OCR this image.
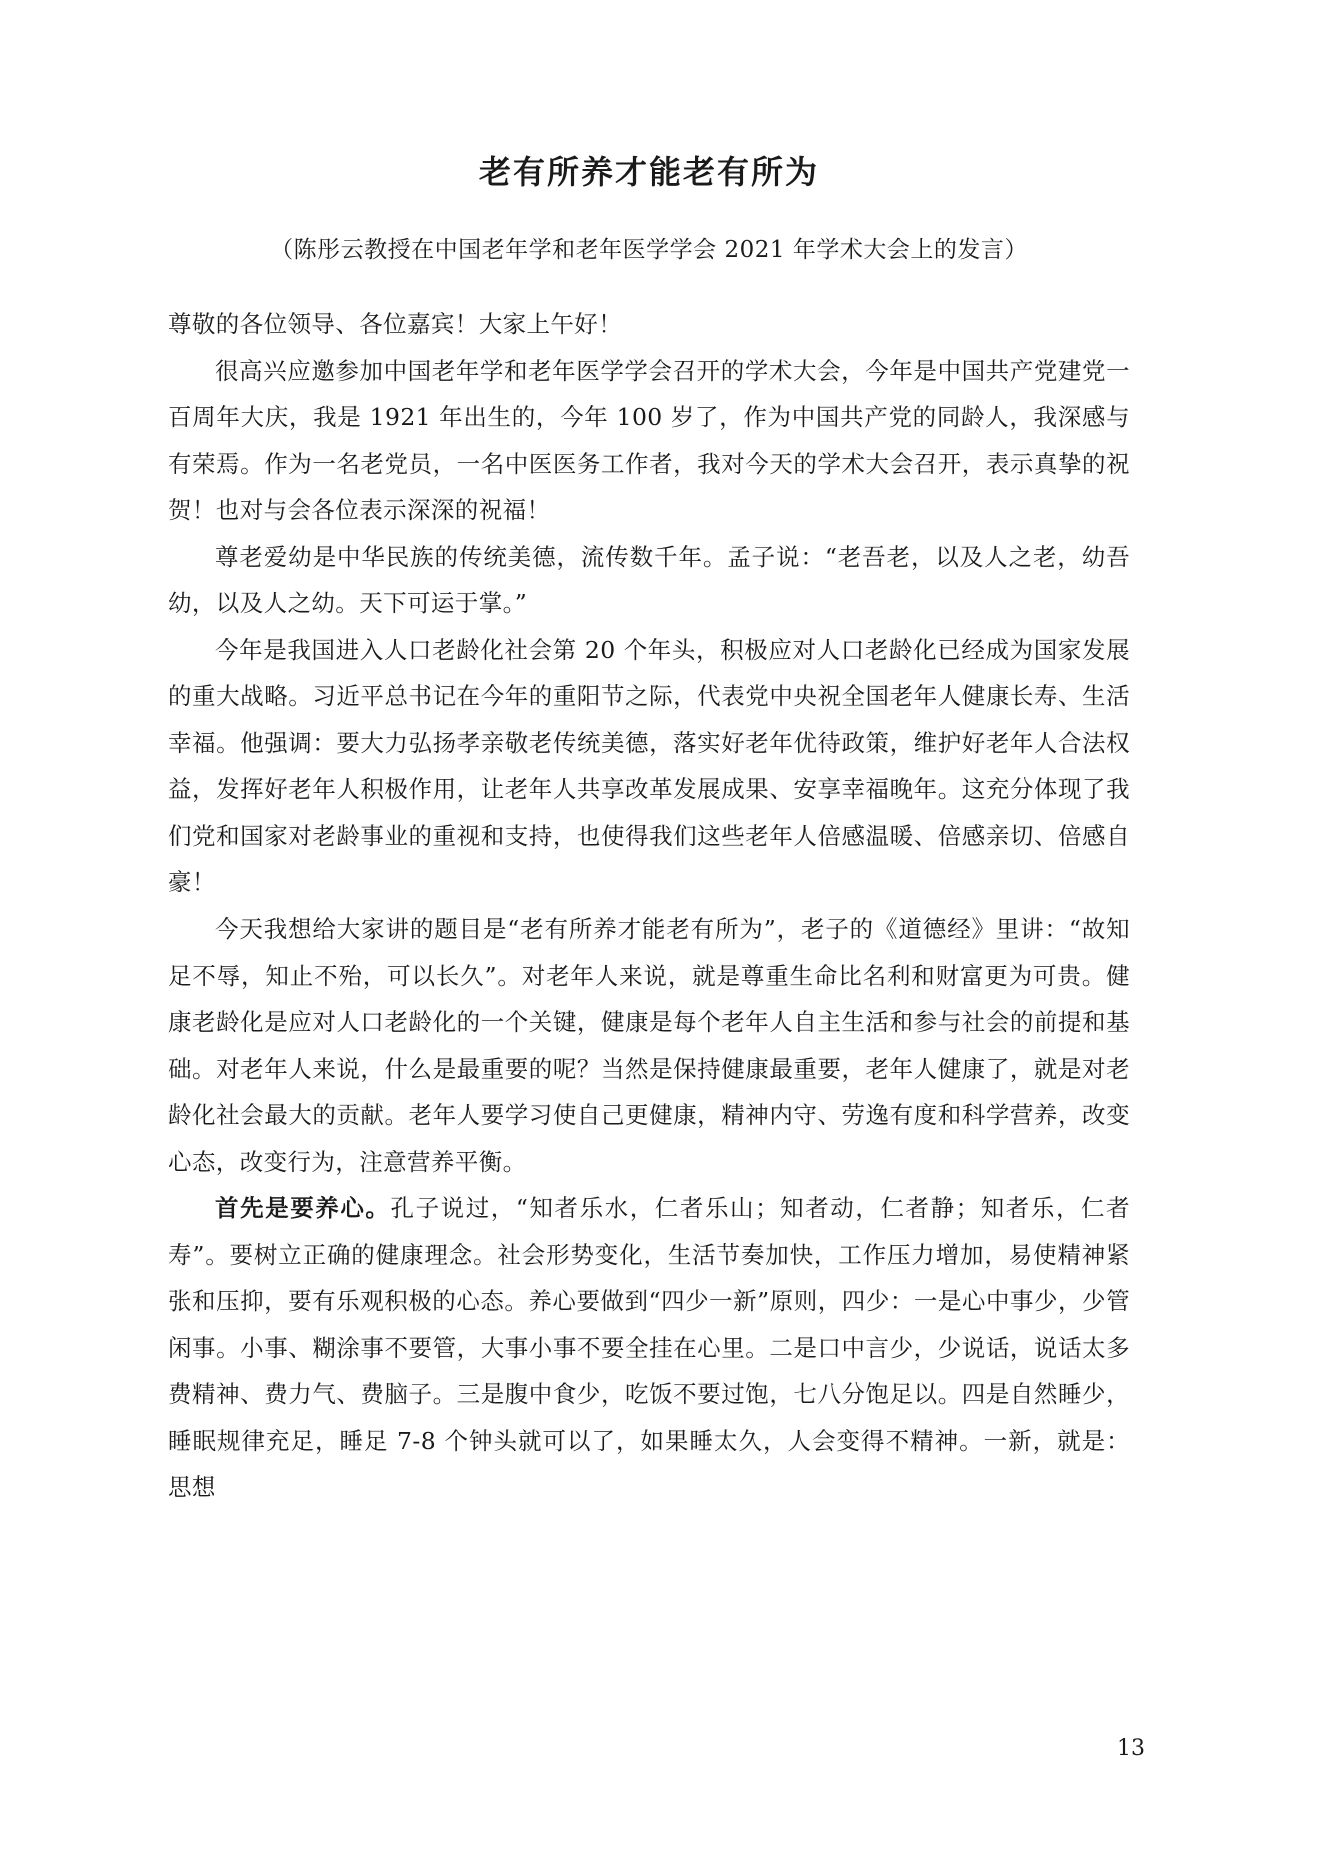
老有所养才能老有所为
（陈彤云教授在中国老年学和老年医学学会 2021 年学术大会上的发言）
尊敬的各位领导、各位嘉宾！大家上午好！

很高兴应邀参加中国老年学和老年医学学会召开的学术大会，今年是中国共产党建党一百周年大庆，我是 1921 年出生的，今年 100 岁了，作为中国共产党的同龄人，我深感与有荣焉。作为一名老党员，一名中医医务工作者，我对今天的学术大会召开，表示真挚的祝贺！也对与会各位表示深深的祝福！

尊老爱幼是中华民族的传统美德，流传数千年。孟子说：“老吾老，以及人之老，幼吾幼，以及人之幼。天下可运于掌。”

今年是我国进入人口老龄化社会第 20 个年头，积极应对人口老龄化已经成为国家发展的重大战略。习近平总书记在今年的重阳节之际，代表党中央祝全国老年人健康长寿、生活幸福。他强调：要大力弘扬孝亲敬老传统美德，落实好老年优待政策，维护好老年人合法权益，发挥好老年人积极作用，让老年人共享改革发展成果、安享幸福晚年。这充分体现了我们党和国家对老龄事业的重视和支持，也使得我们这些老年人倍感温暖、倍感亲切、倍感自豪！

今天我想给大家讲的题目是“老有所养才能老有所为”，老子的《道德经》里讲：“故知足不辱，知止不殆，可以长久”。对老年人来说，就是尊重生命比名利和财富更为可贵。健康老龄化是应对人口老龄化的一个关键，健康是每个老年人自主生活和参与社会的前提和基础。对老年人来说，什么是最重要的呢？当然是保持健康最重要，老年人健康了，就是对老龄化社会最大的贡献。老年人要学习使自己更健康，精神内守、劳逸有度和科学营养，改变心态，改变行为，注意营养平衡。

首先是要养心。孔子说过，“知者乐水，仁者乐山；知者动，仁者静；知者乐，仁者寿”。要树立正确的健康理念。社会形势变化，生活节奏加快，工作压力增加，易使精神紧张和压抑，要有乐观积极的心态。养心要做到“四少一新”原则，四少：一是心中事少，少管闲事。小事、糊涂事不要管，大事小事不要全挂在心里。二是口中言少，少说话，说话太多费精神、费力气、费脑子。三是腹中食少，吃饭不要过饱，七八分饱足以。四是自然睡少，睡眠规律充足，睡足 7-8 个钟头就可以了，如果睡太久，人会变得不精神。一新，就是：思想

13
